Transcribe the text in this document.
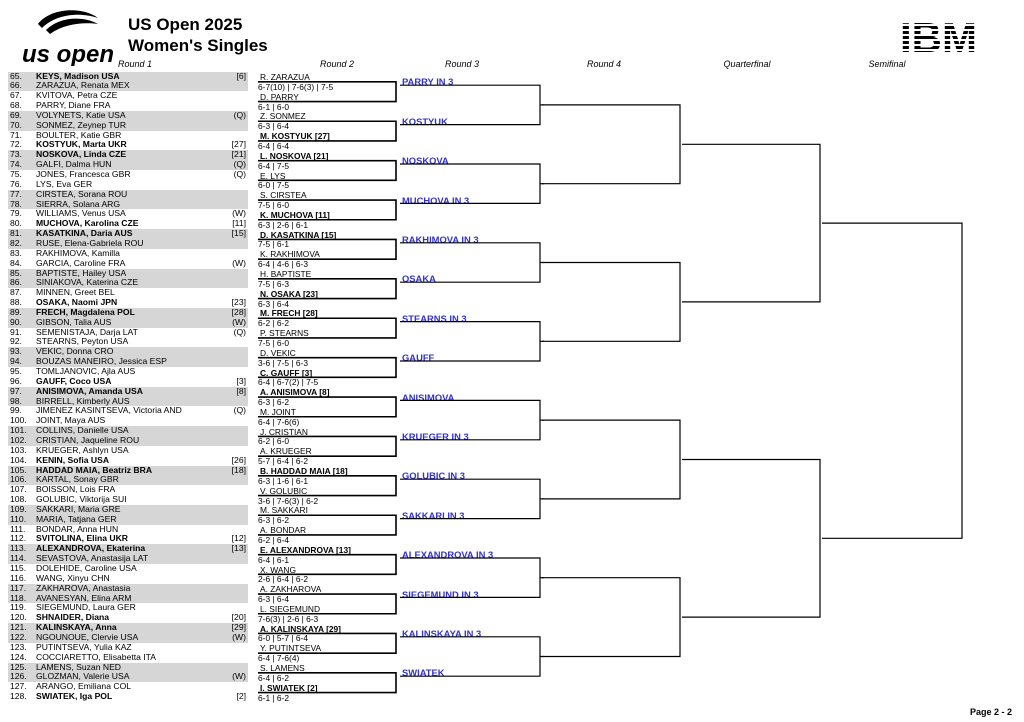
us open
US Open 2025
Women's Singles	IBM
Round 1	Round 2	Round 3	Round 4	Quarterfinal	Semifinal
65.	KEYS, Madison USA	[6]
66.	ZARAZUA, Renata MEX
67.	KVITOVA, Petra CZE
68.	PARRY, Diane FRA
69.	VOLYNETS, Katie USA	(Q)
70.	SONMEZ, Zeynep TUR
71.	BOULTER, Katie GBR
72.	KOSTYUK, Marta UKR	[27]
73.	NOSKOVA, Linda CZE	[21]
74.	GALFI, Dalma HUN	(Q)
75.	JONES, Francesca GBR	(Q)
76.	LYS, Eva GER
77.	CIRSTEA, Sorana ROU
78.	SIERRA, Solana ARG
79.	WILLIAMS, Venus USA	(W)
80.	MUCHOVA, Karolina CZE	[11]
81.	KASATKINA, Daria AUS	[15]
82.	RUSE, Elena-Gabriela ROU
83.	RAKHIMOVA, Kamilla
84.	GARCIA, Caroline FRA	(W)
85.	BAPTISTE, Hailey USA
86.	SINIAKOVA, Katerina CZE
87.	MINNEN, Greet BEL
88.	OSAKA, Naomi JPN	[23]
89.	FRECH, Magdalena POL	[28]
90.	GIBSON, Talia AUS	(W)
91.	SEMENISTAJA, Darja LAT	(Q)
92.	STEARNS, Peyton USA
93.	VEKIC, Donna CRO
94.	BOUZAS MANEIRO, Jessica ESP
95.	TOMLJANOVIC, Ajla AUS
96.	GAUFF, Coco USA	[3]
97.	ANISIMOVA, Amanda USA	[8]
98.	BIRRELL, Kimberly AUS
99.	JIMENEZ KASINTSEVA, Victoria AND	(Q)
100.	JOINT, Maya AUS
101.	COLLINS, Danielle USA
102.	CRISTIAN, Jaqueline ROU
103.	KRUEGER, Ashlyn USA
104.	KENIN, Sofia USA	[26]
105.	HADDAD MAIA, Beatriz BRA	[18]
106.	KARTAL, Sonay GBR
107.	BOISSON, Lois FRA
108.	GOLUBIC, Viktorija SUI
109.	SAKKARI, Maria GRE
110.	MARIA, Tatjana GER
111.	BONDAR, Anna HUN
112.	SVITOLINA, Elina UKR	[12]
113.	ALEXANDROVA, Ekaterina	[13]
114.	SEVASTOVA, Anastasija LAT
115.	DOLEHIDE, Caroline USA
116.	WANG, Xinyu CHN
117.	ZAKHAROVA, Anastasia
118.	AVANESYAN, Elina ARM
119.	SIEGEMUND, Laura GER
120.	SHNAIDER, Diana	[20]
121.	KALINSKAYA, Anna	[29]
122.	NGOUNOUE, Clervie USA	(W)
123.	PUTINTSEVA, Yulia KAZ
124.	COCCIARETTO, Elisabetta ITA
125.	LAMENS, Suzan NED
126.	GLOZMAN, Valerie USA	(W)
127.	ARANGO, Emiliana COL
128.	SWIATEK, Iga POL	[2]
R. ZARAZUA
6-7(10) | 7-6(3) | 7-5
D. PARRY
6-1 | 6-0
Z. SONMEZ
6-3 | 6-4
M. KOSTYUK [27]
6-4 | 6-4
L. NOSKOVA [21]
6-4 | 7-5
E. LYS
6-0 | 7-5
S. CIRSTEA
7-5 | 6-0
K. MUCHOVA [11]
6-3 | 2-6 | 6-1
D. KASATKINA [15]
7-5 | 6-1
K. RAKHIMOVA
6-4 | 4-6 | 6-3
H. BAPTISTE
7-5 | 6-3
N. OSAKA [23]
6-3 | 6-4
M. FRECH [28]
6-2 | 6-2
P. STEARNS
7-5 | 6-0
D. VEKIC
3-6 | 7-5 | 6-3
C. GAUFF [3]
6-4 | 6-7(2) | 7-5
A. ANISIMOVA [8]
6-3 | 6-2
M. JOINT
6-4 | 7-6(6)
J. CRISTIAN
6-2 | 6-0
A. KRUEGER
5-7 | 6-4 | 6-2
B. HADDAD MAIA [18]
6-3 | 1-6 | 6-1
V. GOLUBIC
3-6 | 7-6(3) | 6-2
M. SAKKARI
6-3 | 6-2
A. BONDAR
6-2 | 6-4
E. ALEXANDROVA [13]
6-4 | 6-1
X. WANG
2-6 | 6-4 | 6-2
A. ZAKHAROVA
6-3 | 6-4
L. SIEGEMUND
7-6(3) | 2-6 | 6-3
A. KALINSKAYA [29]
6-0 | 5-7 | 6-4
Y. PUTINTSEVA
6-4 | 7-6(4)
S. LAMENS
6-4 | 6-2
I. SWIATEK [2]
6-1 | 6-2
PARRY IN 3
KOSTYUK
NOSKOVA
MUCHOVA IN 3
RAKHIMOVA IN 3
OSAKA
STEARNS IN 3
GAUFF
ANISIMOVA
KRUEGER IN 3
GOLUBIC IN 3
SAKKARI IN 3
ALEXANDROVA IN 3
SIEGEMUND IN 3
KALINSKAYA IN 3
SWIATEK
Page 2 - 2
